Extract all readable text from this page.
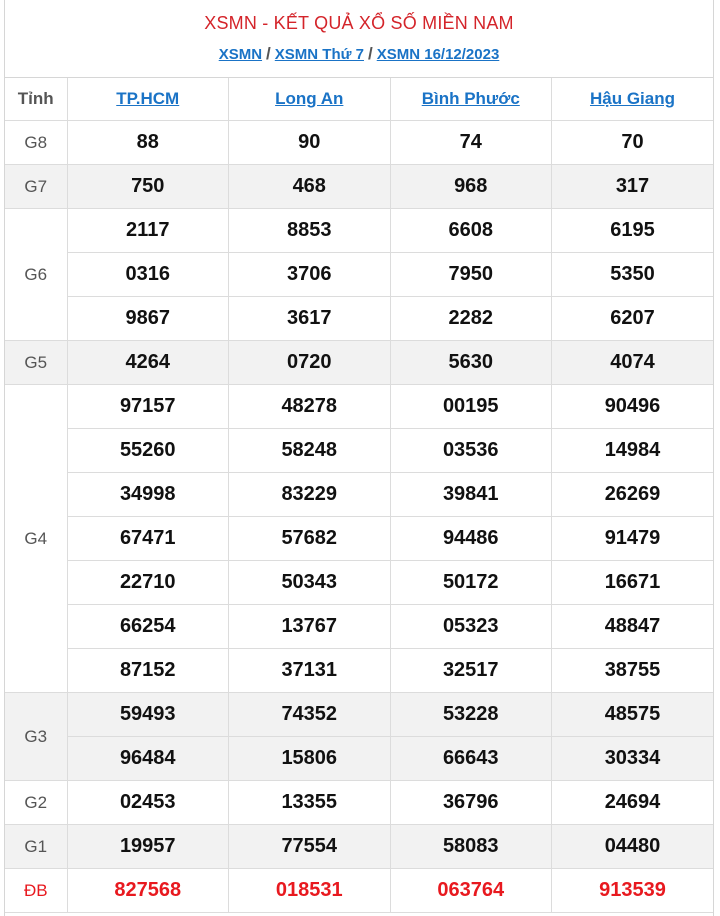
XSMN - KẾT QUẢ XỔ SỐ MIỀN NAM
XSMN / XSMN Thứ 7 / XSMN 16/12/2023
Tỉnh	TP.HCM	Long An	Bình Phước	Hậu Giang
G8	88	90	74	70
G7	750	468	968	317
G6	2117	8853	6608	6195
	0316	3706	7950	5350
	9867	3617	2282	6207
G5	4264	0720	5630	4074
G4	97157	48278	00195	90496
	55260	58248	03536	14984
	34998	83229	39841	26269
	67471	57682	94486	91479
	22710	50343	50172	16671
	66254	13767	05323	48847
	87152	37131	32517	38755
G3	59493	74352	53228	48575
	96484	15806	66643	30334
G2	02453	13355	36796	24694
G1	19957	77554	58083	04480
ĐB	827568	018531	063764	913539
